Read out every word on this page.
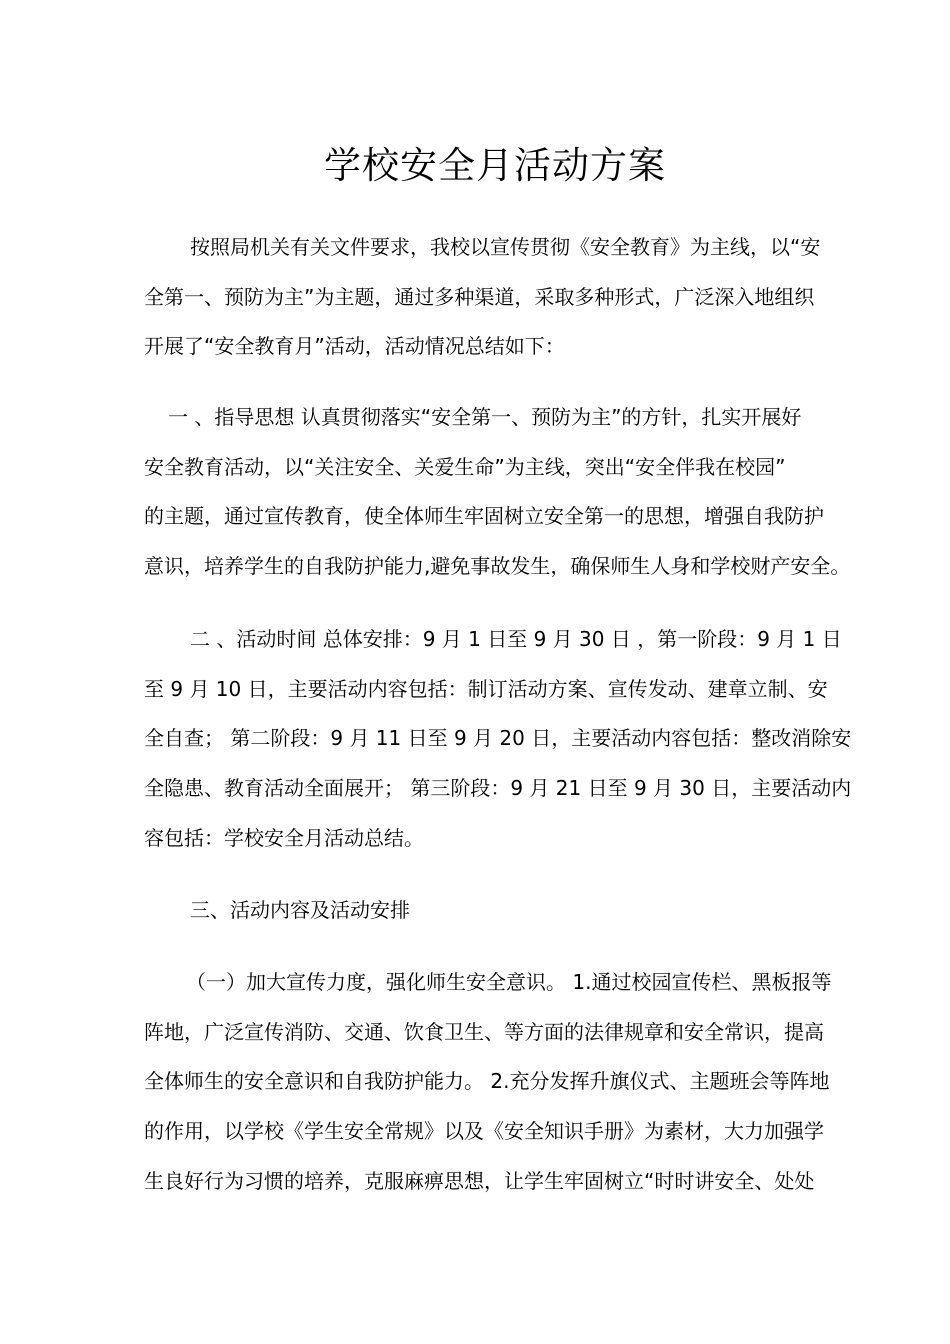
学校安全月活动方案
按照局机关有关文件要求，我校以宣传贯彻《安全教育》为主线，以“安
全第一、预防为主”为主题，通过多种渠道，采取多种形式，广泛深入地组织
开展了“安全教育月”活动，活动情况总结如下：
一 、指导思想 认真贯彻落实“安全第一、预防为主”的方针，扎实开展好
安全教育活动，以“关注安全、关爱生命”为主线，突出“安全伴我在校园”
的主题，通过宣传教育，使全体师生牢固树立安全第一的思想，增强自我防护
意识，培养学生的自我防护能力,避免事故发生，确保师生人身和学校财产安全。
二 、活动时间 总体安排：9 月 1 日至 9 月 30 日 ，第一阶段：9 月 1 日
至 9 月 10 日，主要活动内容包括：制订活动方案、宣传发动、建章立制、安
全自查； 第二阶段：9 月 11 日至 9 月 20 日，主要活动内容包括：整改消除安
全隐患、教育活动全面展开； 第三阶段：9 月 21 日至 9 月 30 日，主要活动内
容包括：学校安全月活动总结。
三、活动内容及活动安排
（一）加大宣传力度，强化师生安全意识。 1.通过校园宣传栏、黑板报等
阵地，广泛宣传消防、交通、饮食卫生、等方面的法律规章和安全常识，提高
全体师生的安全意识和自我防护能力。 2.充分发挥升旗仪式、主题班会等阵地
的作用，以学校《学生安全常规》以及《安全知识手册》为素材，大力加强学
生良好行为习惯的培养，克服麻痹思想，让学生牢固树立“时时讲安全、处处
